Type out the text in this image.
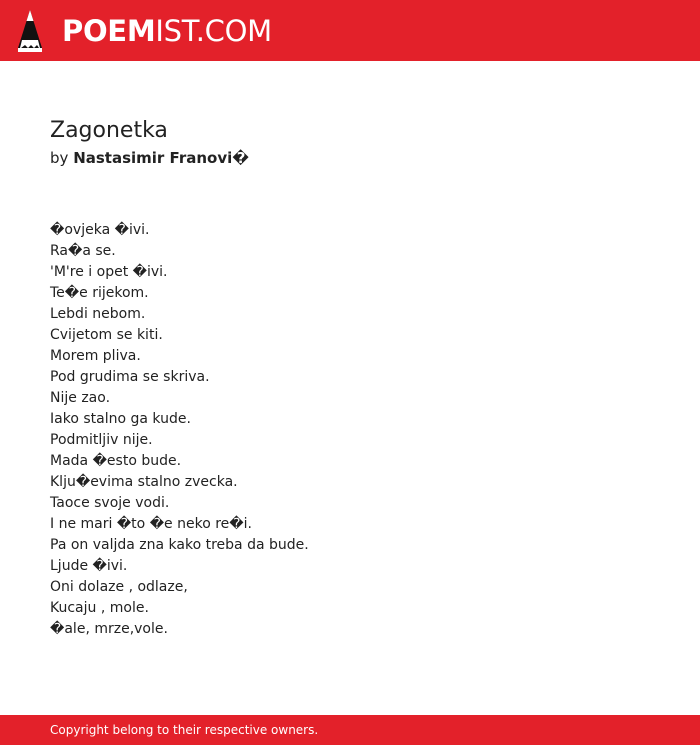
POEMIST.COM
Zagonetka
by Nastasimir Franovi�
�ovjeka �ivi.
Ra�a se.
'M're i opet �ivi.
Te�e rijekom.
Lebdi nebom.
Cvijetom se kiti.
Morem pliva.
Pod grudima se skriva.
Nije zao.
Iako stalno ga kude.
Podmitljiv nije.
Mada �esto bude.
Klju�evima stalno zvecka.
Taoce svoje vodi.
I ne mari �to �e neko re�i.
Pa on valjda zna kako treba da bude.
Ljude �ivi.
Oni dolaze , odlaze,
Kucaju , mole.
�ale, mrze,vole.
Copyright belong to their respective owners.
